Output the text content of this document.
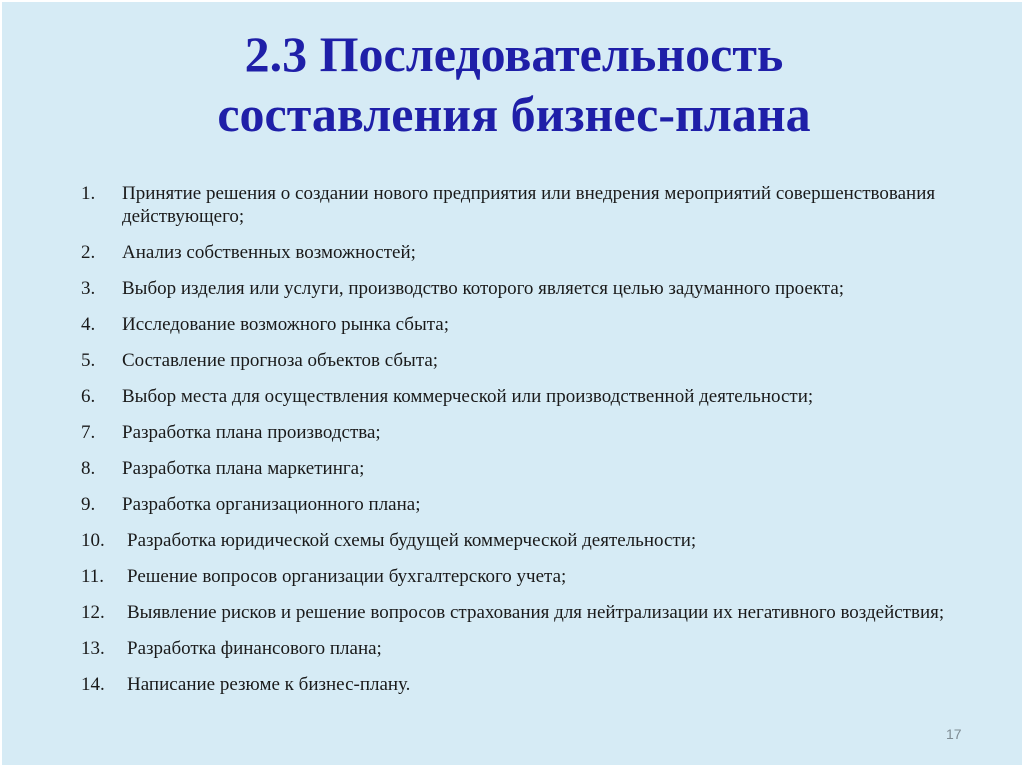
2.3 Последовательность
составления бизнес-плана
1. Принятие решения о создании нового предприятия или внедрения мероприятий совершенствования действующего;
2. Анализ собственных возможностей;
3. Выбор изделия или услуги, производство которого является целью задуманного проекта;
4. Исследование возможного рынка сбыта;
5. Составление прогноза объектов сбыта;
6. Выбор места для осуществления коммерческой или производственной деятельности;
7. Разработка плана производства;
8. Разработка плана маркетинга;
9. Разработка организационного плана;
10. Разработка юридической схемы будущей коммерческой деятельности;
11. Решение вопросов организации бухгалтерского учета;
12. Выявление рисков и решение вопросов страхования для нейтрализации их негативного воздействия;
13. Разработка финансового плана;
14. Написание резюме к бизнес-плану.
17
